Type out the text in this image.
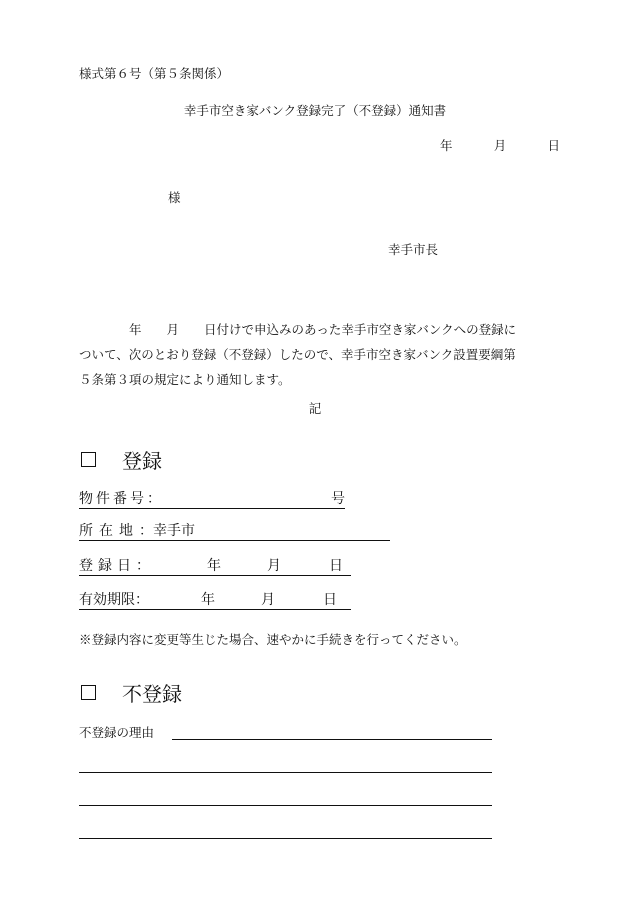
様式第６号（第５条関係）
幸手市空き家バンク登録完了（不登録）通知書
年	月	日
様
幸手市長

　　　　年　　月　　日付けで申込みのあった幸手市空き家バンクへの登録に

ついて、次のとおり登録（不登録）したので、幸手市空き家バンク設置要綱第

５条第３項の規定により通知します。

記
登録
物件番号：	号
所在地 ：幸手市
登録日：	年	月	日
有効期限：	年	月	日
※登録内容に変更等生じた場合、速やかに手続きを行ってください。
不登録
不登録の理由
